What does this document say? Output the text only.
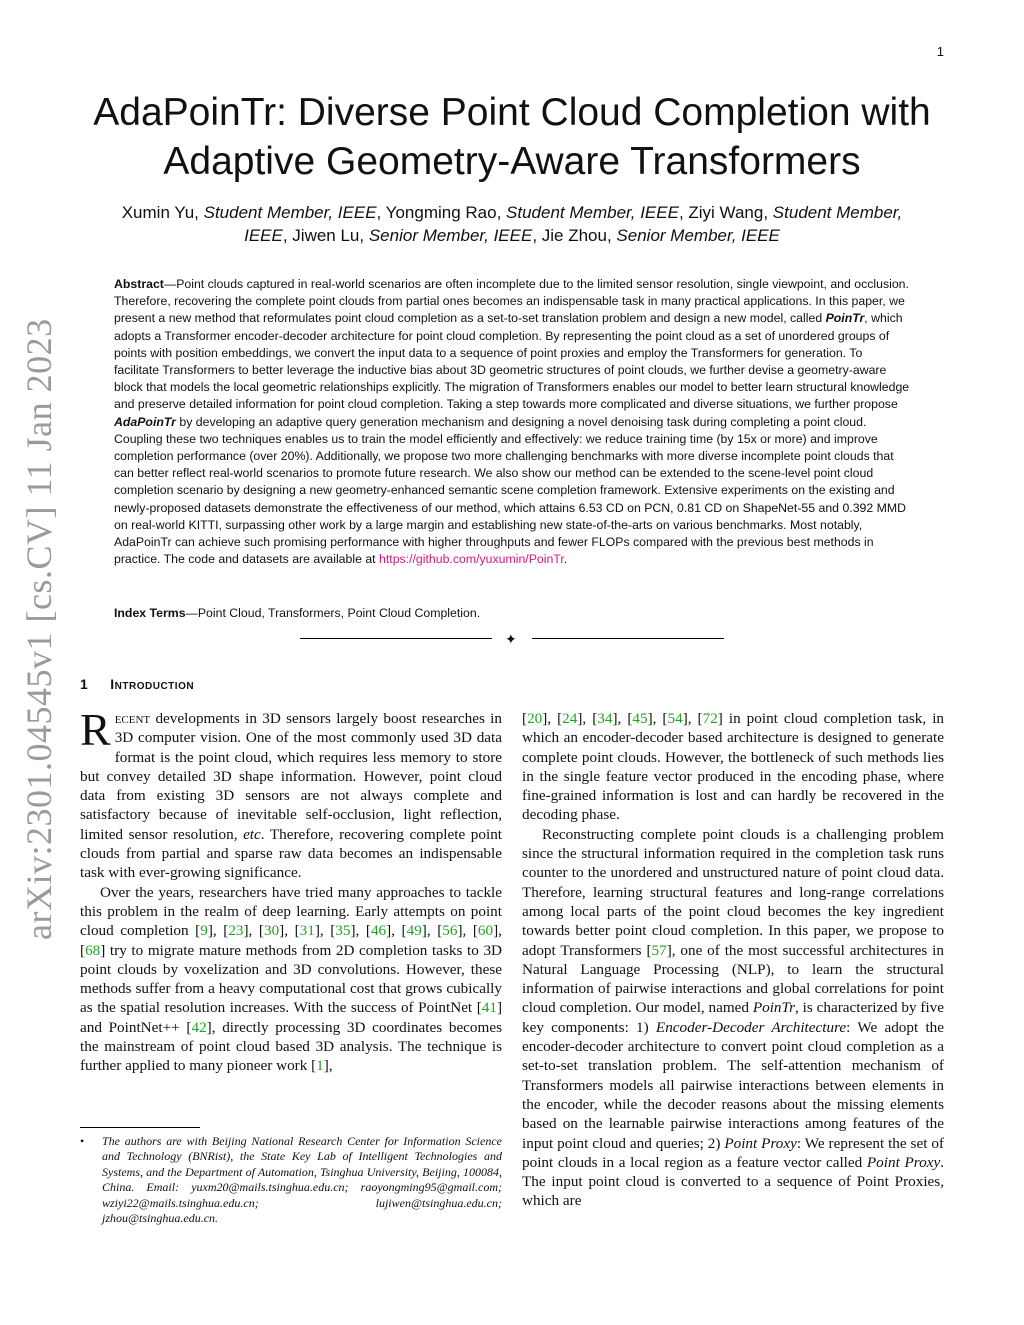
1
arXiv:2301.04545v1 [cs.CV] 11 Jan 2023
AdaPoinTr: Diverse Point Cloud Completion with
Adaptive Geometry-Aware Transformers
Xumin Yu, Student Member, IEEE, Yongming Rao, Student Member, IEEE, Ziyi Wang, Student Member, IEEE, Jiwen Lu, Senior Member, IEEE, Jie Zhou, Senior Member, IEEE
Abstract—Point clouds captured in real-world scenarios are often incomplete due to the limited sensor resolution, single viewpoint, and occlusion. Therefore, recovering the complete point clouds from partial ones becomes an indispensable task in many practical applications. In this paper, we present a new method that reformulates point cloud completion as a set-to-set translation problem and design a new model, called PoinTr, which adopts a Transformer encoder-decoder architecture for point cloud completion. By representing the point cloud as a set of unordered groups of points with position embeddings, we convert the input data to a sequence of point proxies and employ the Transformers for generation. To facilitate Transformers to better leverage the inductive bias about 3D geometric structures of point clouds, we further devise a geometry-aware block that models the local geometric relationships explicitly. The migration of Transformers enables our model to better learn structural knowledge and preserve detailed information for point cloud completion. Taking a step towards more complicated and diverse situations, we further propose AdaPoinTr by developing an adaptive query generation mechanism and designing a novel denoising task during completing a point cloud. Coupling these two techniques enables us to train the model efficiently and effectively: we reduce training time (by 15x or more) and improve completion performance (over 20%). Additionally, we propose two more challenging benchmarks with more diverse incomplete point clouds that can better reflect real-world scenarios to promote future research. We also show our method can be extended to the scene-level point cloud completion scenario by designing a new geometry-enhanced semantic scene completion framework. Extensive experiments on the existing and newly-proposed datasets demonstrate the effectiveness of our method, which attains 6.53 CD on PCN, 0.81 CD on ShapeNet-55 and 0.392 MMD on real-world KITTI, surpassing other work by a large margin and establishing new state-of-the-arts on various benchmarks. Most notably, AdaPoinTr can achieve such promising performance with higher throughputs and fewer FLOPs compared with the previous best methods in practice. The code and datasets are available at https://github.com/yuxumin/PoinTr.
Index Terms—Point Cloud, Transformers, Point Cloud Completion.
✦
1 Introduction

Recent developments in 3D sensors largely boost researches in 3D computer vision. One of the most commonly used 3D data format is the point cloud, which requires less memory to store but convey detailed 3D shape information. However, point cloud data from existing 3D sensors are not always complete and satisfactory because of inevitable self-occlusion, light reflection, limited sensor resolution, etc. Therefore, recovering complete point clouds from partial and sparse raw data becomes an indispensable task with ever-growing significance.

Over the years, researchers have tried many approaches to tackle this problem in the realm of deep learning. Early attempts on point cloud completion [9], [23], [30], [31], [35], [46], [49], [56], [60], [68] try to migrate mature methods from 2D completion tasks to 3D point clouds by voxelization and 3D convolutions. However, these methods suffer from a heavy computational cost that grows cubically as the spatial resolution increases. With the success of PointNet [41] and PointNet++ [42], directly processing 3D coordinates becomes the mainstream of point cloud based 3D analysis. The technique is further applied to many pioneer work [1],

[20], [24], [34], [45], [54], [72] in point cloud completion task, in which an encoder-decoder based architecture is designed to generate complete point clouds. However, the bottleneck of such methods lies in the single feature vector produced in the encoding phase, where fine-grained information is lost and can hardly be recovered in the decoding phase.

Reconstructing complete point clouds is a challenging problem since the structural information required in the completion task runs counter to the unordered and unstructured nature of point cloud data. Therefore, learning structural features and long-range correlations among local parts of the point cloud becomes the key ingredient towards better point cloud completion. In this paper, we propose to adopt Transformers [57], one of the most successful architectures in Natural Language Processing (NLP), to learn the structural information of pairwise interactions and global correlations for point cloud completion. Our model, named PoinTr, is characterized by five key components: 1) Encoder-Decoder Architecture: We adopt the encoder-decoder architecture to convert point cloud completion as a set-to-set translation problem. The self-attention mechanism of Transformers models all pairwise interactions between elements in the encoder, while the decoder reasons about the missing elements based on the learnable pairwise interactions among features of the input point cloud and queries; 2) Point Proxy: We represent the set of point clouds in a local region as a feature vector called Point Proxy. The input point cloud is converted to a sequence of Point Proxies, which are

• The authors are with Beijing National Research Center for Information Science and Technology (BNRist), the State Key Lab of Intelligent Technologies and Systems, and the Department of Automation, Tsinghua University, Beijing, 100084, China. Email: yuxm20@mails.tsinghua.edu.cn; raoyongming95@gmail.com; wziyi22@mails.tsinghua.edu.cn; lujiwen@tsinghua.edu.cn; jzhou@tsinghua.edu.cn.
